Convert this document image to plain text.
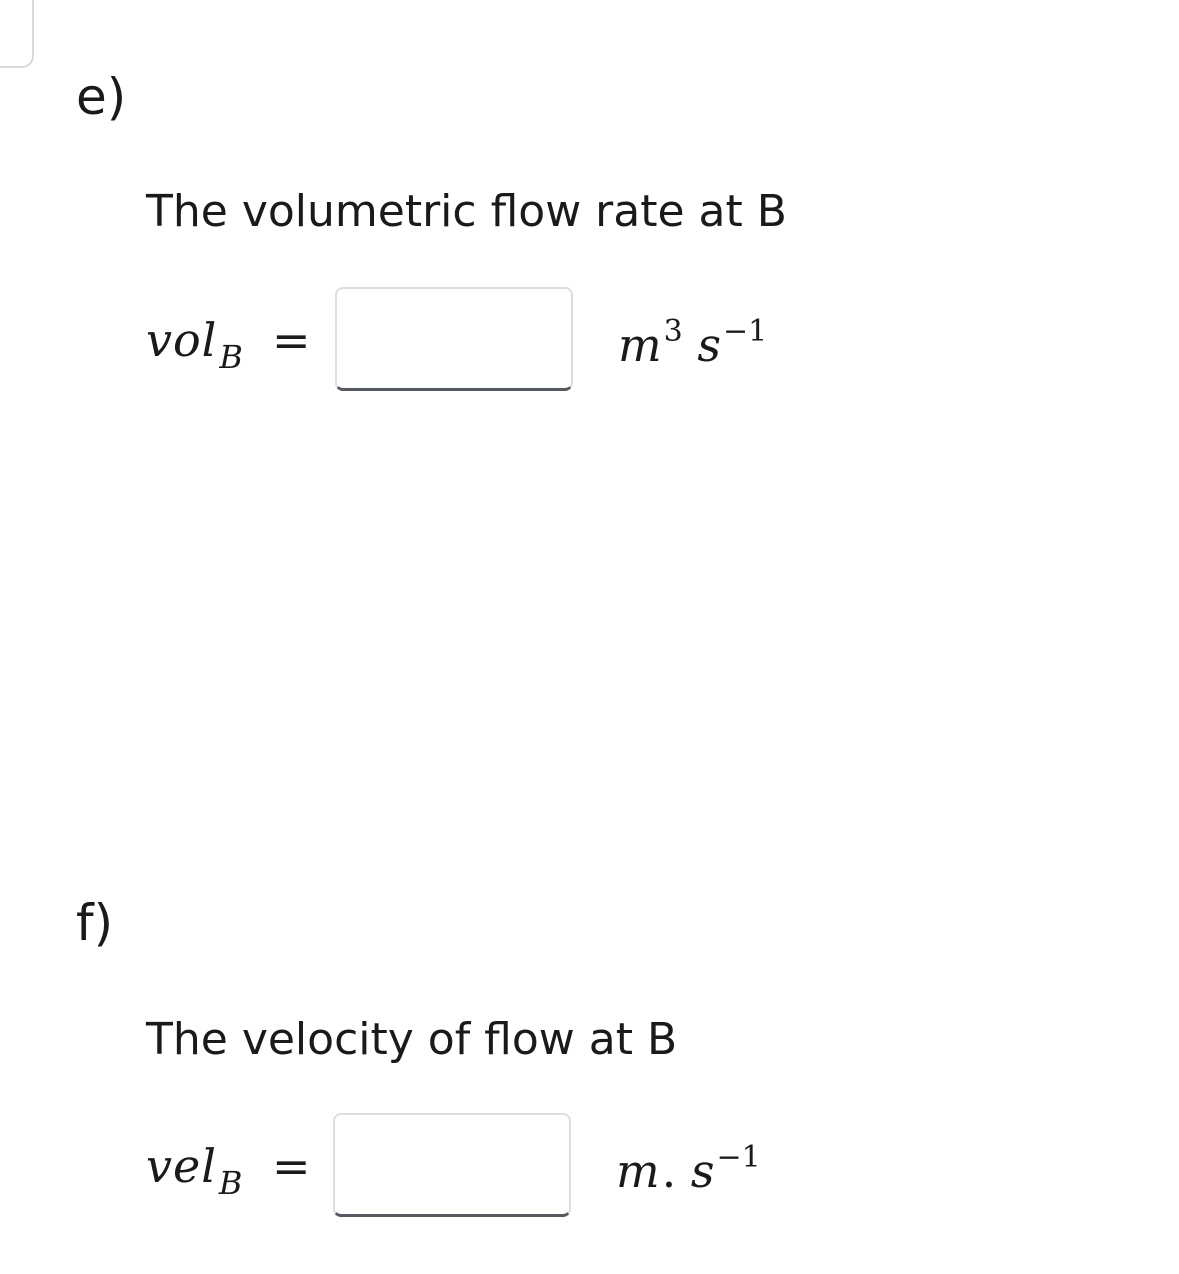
e)
The volumetric flow rate at B
vol$_B$ =	$m^3$ $s^{-1}$
f)
The velocity of flow at B
vel$_B$ =	m. $s^{-1}$
